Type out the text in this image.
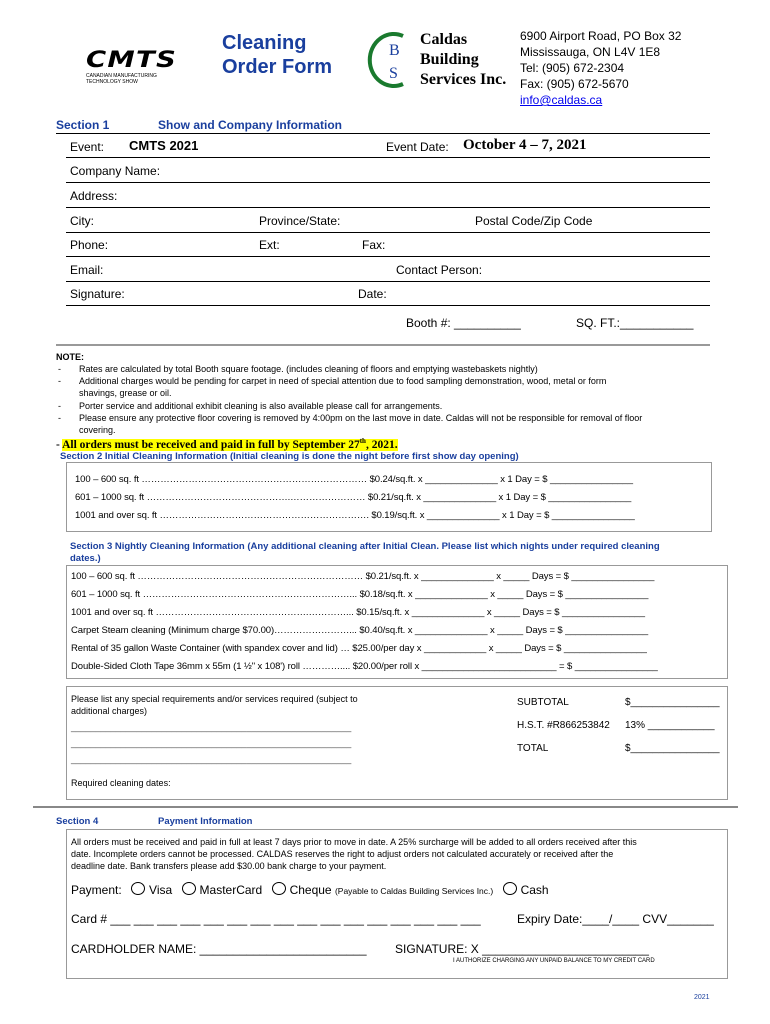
CMTS
CANADIAN MANUFACTURING
TECHNOLOGY SHOW
Cleaning
Order Form
B
S
Caldas
Building
Services Inc.
6900 Airport Road, PO Box 32
Mississauga, ON L4V 1E8
Tel: (905) 672-2304
Fax: (905) 672-5670
info@caldas.ca
Section 1	Show and Company Information
Event: CMTS 2021	Event Date: October 4 – 7, 2021
Company Name:
Address:
City:	Province/State:	Postal Code/Zip Code
Phone:	Ext:	Fax:
Email:	Contact Person:
Signature:	Date:
Booth #: __________	SQ. FT.:___________
NOTE:
- Rates are calculated by total Booth square footage. (includes cleaning of floors and emptying wastebaskets nightly)
- Additional charges would be pending for carpet in need of special attention due to food sampling demonstration, wood, metal or form
shavings, grease or oil.
- Porter service and additional exhibit cleaning is also available please call for arrangements.
- Please ensure any protective floor covering is removed by 4:00pm on the last move in date. Caldas will not be responsible for removal of floor
covering.
- All orders must be received and paid in full by September 27th, 2021.
Section 2 Initial Cleaning Information (Initial cleaning is done the night before first show day opening)
100 – 600 sq. ft ……………………………………………………………… $0.24/sq.ft. x ______________ x 1 Day = $ ________________
601 – 1000 sq. ft ……………………………………….…………………… $0.21/sq.ft. x ______________ x 1 Day = $ ________________
1001 and over sq. ft …………………………………………………………. $0.19/sq.ft. x ______________ x 1 Day = $ ________________
Section 3 Nightly Cleaning Information (Any additional cleaning after Initial Clean. Please list which nights under required cleaning
dates.)
100 – 600 sq. ft ……………………………………………………………… $0.21/sq.ft. x ______________ x _____ Days = $ ________________
601 – 1000 sq. ft …………………………………………………………... $0.18/sq.ft. x ______________ x _____ Days = $ ________________
1001 and over sq. ft ………………………………………….…………... $0.15/sq.ft. x ______________ x _____ Days = $ ________________
Carpet Steam cleaning (Minimum charge $70.00)……………………... $0.40/sq.ft. x ______________ x _____ Days = $ ________________
Rental of 35 gallon Waste Container (with spandex cover and lid) … $25.00/per day x ____________ x _____ Days = $ ________________
Double-Sided Cloth Tape 36mm x 55m (1 ½" x 108') roll ………….... $20.00/per roll x __________________________ = $ ________________
Please list any special requirements and/or services required (subject to
additional charges)
________________________________________________________
________________________________________________________
________________________________________________________
SUBTOTAL	$________________
H.S.T. #R866253842 13% ____________
TOTAL	$________________
Required cleaning dates:
Section 4	Payment Information
All orders must be received and paid in full at least 7 days prior to move in date. A 25% surcharge will be added to all orders received after this
date. Incomplete orders cannot be processed. CALDAS reserves the right to adjust orders not calculated accurately or received after the
deadline date. Bank transfers please add $30.00 bank charge to your payment.
Payment: Visa MasterCard Cheque (Payable to Caldas Building Services Inc.) Cash
Card # ___ ___ ___ ___ ___ ___ ___ ___ ___ ___ ___ ___ ___ ___ ___ ___	Expiry Date:____/____ CVV_______
CARDHOLDER NAME: _________________________ SIGNATURE: X _________________________
I AUTHORIZE CHARGING ANY UNPAID BALANCE TO MY CREDIT CARD
2021
